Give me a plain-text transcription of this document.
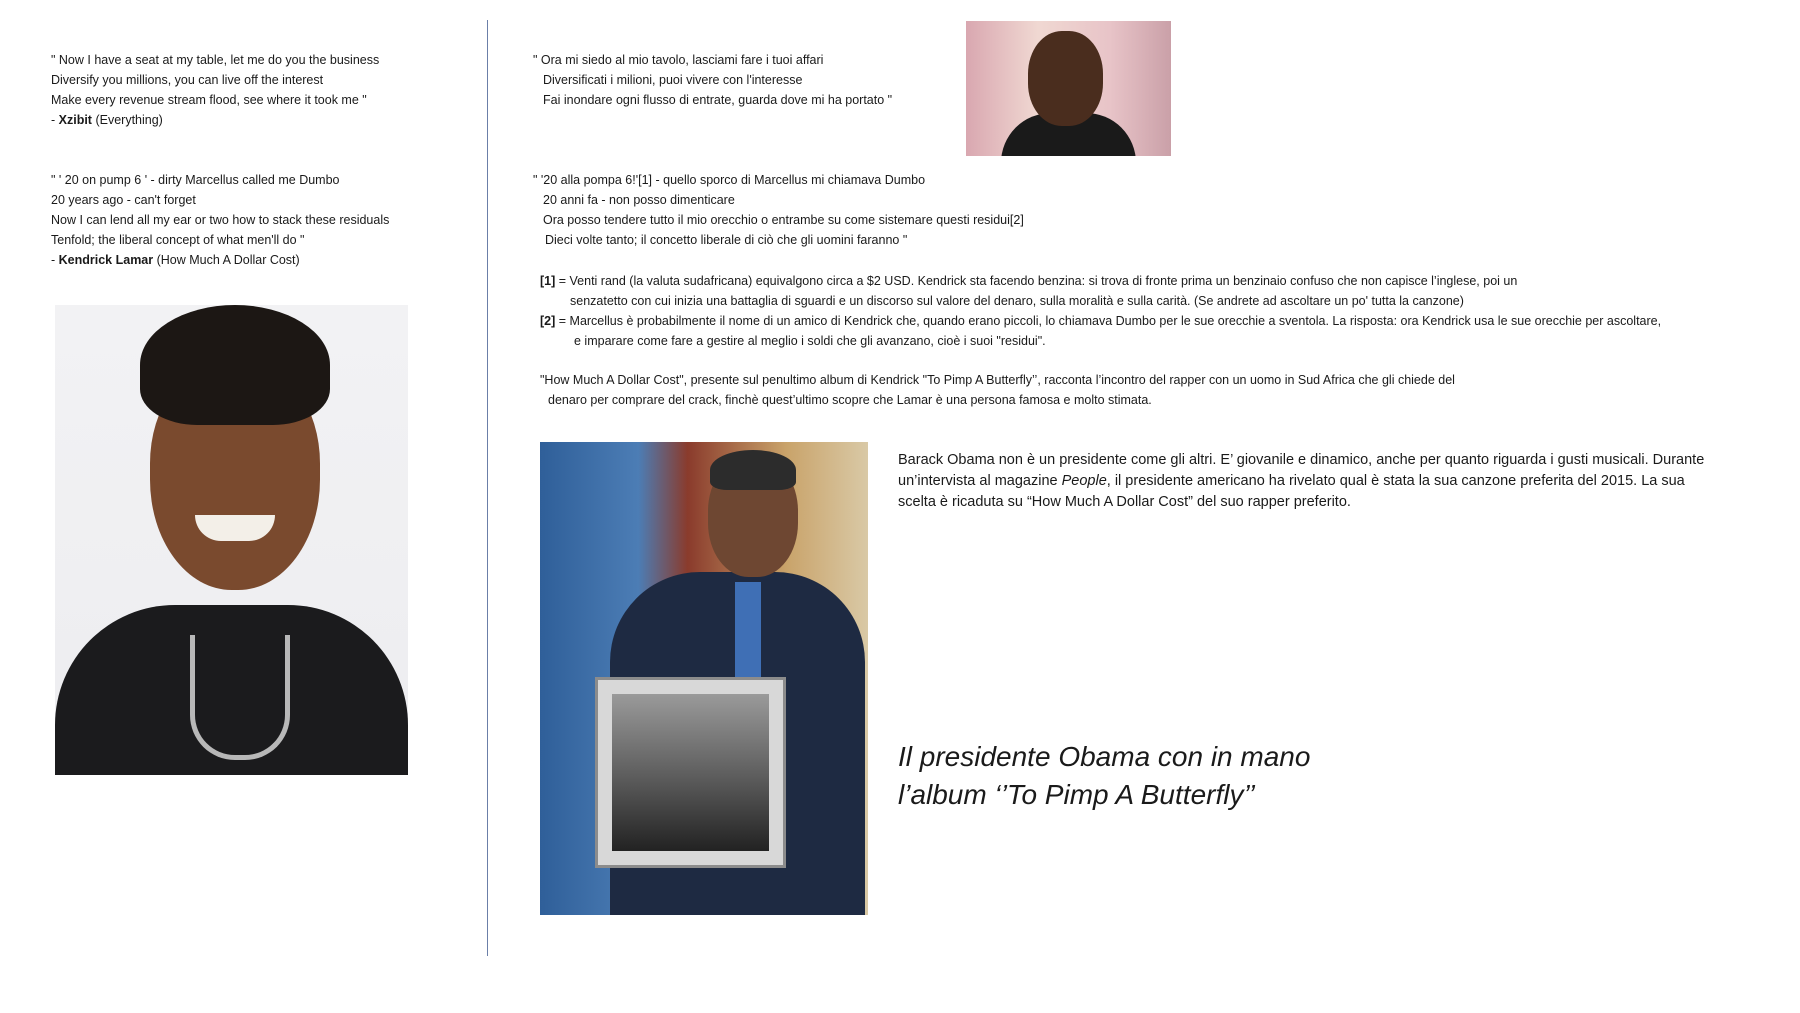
" Now I have a seat at my table, let me do you the business
Diversify you millions, you can live off the interest
Make every revenue stream flood, see where it took me "
- Xzibit (Everything)
" ' 20 on pump 6 ' - dirty Marcellus called me Dumbo
20 years ago - can't forget
Now I can lend all my ear or two how to stack these residuals
Tenfold; the liberal concept of what men'll do "
- Kendrick Lamar (How Much A Dollar Cost)
" Ora mi siedo al mio tavolo, lasciami fare i tuoi affari
Diversificati i milioni, puoi vivere con l'interesse
Fai inondare ogni flusso di entrate, guarda dove mi ha portato "
" '20 alla pompa 6!'[1] - quello sporco di Marcellus mi chiamava Dumbo
20 anni fa - non posso dimenticare
Ora posso tendere tutto il mio orecchio o entrambe su come sistemare questi residui[2]
Dieci volte tanto; il concetto liberale di ciò che gli uomini faranno "
[1] = Venti rand (la valuta sudafricana) equivalgono circa a $2 USD. Kendrick sta facendo benzina: si trova di fronte prima un benzinaio confuso che non capisce l’inglese, poi un
senzatetto con cui inizia una battaglia di sguardi e un discorso sul valore del denaro, sulla moralità e sulla carità. (Se andrete ad ascoltare un po' tutta la canzone)
[2] = Marcellus è probabilmente il nome di un amico di Kendrick che, quando erano piccoli, lo chiamava Dumbo per le sue orecchie a sventola. La risposta: ora Kendrick usa le sue orecchie per ascoltare,
e imparare come fare a gestire al meglio i soldi che gli avanzano, cioè i suoi "residui".
"How Much A Dollar Cost", presente sul penultimo album di Kendrick "To Pimp A Butterfly’’, racconta l’incontro del rapper con un uomo in Sud Africa che gli chiede del
denaro per comprare del crack, finchè quest’ultimo scopre che Lamar è una persona famosa e molto stimata.
Barack Obama non è un presidente come gli altri. E’ giovanile e dinamico, anche per quanto riguarda i gusti musicali. Durante
un’intervista al magazine People, il presidente americano ha rivelato qual è stata la sua canzone preferita del 2015. La sua
scelta è ricaduta su “How Much A Dollar Cost” del suo rapper preferito.
Il presidente Obama con in mano
l’album ‘’To Pimp A Butterfly’’
